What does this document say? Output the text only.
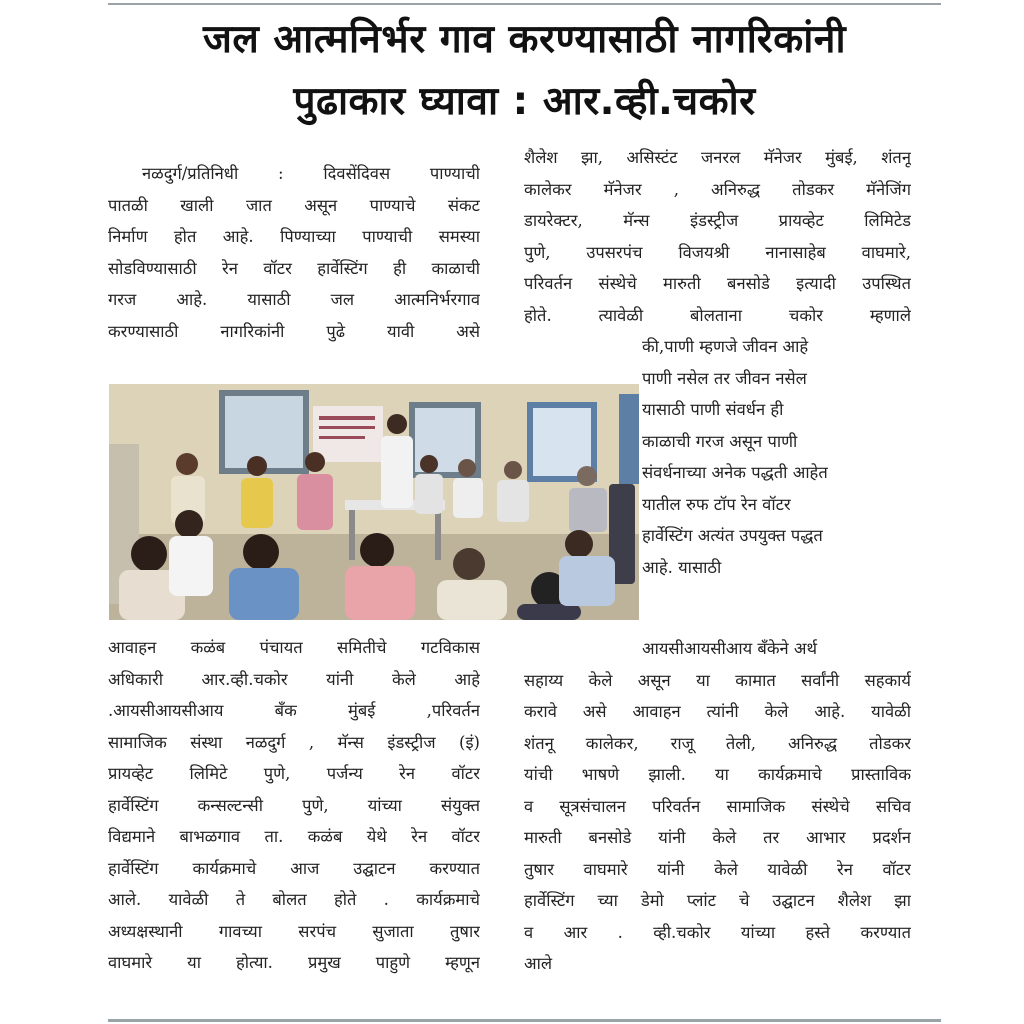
जल आत्मनिर्भर गाव करण्यासाठी नागरिकांनी
पुढाकार घ्यावा : आर.व्ही.चकोर
नळदुर्ग/प्रतिनिधी : दिवसेंदिवस पाण्याची
पातळी खाली जात असून पाण्याचे संकट
निर्माण होत आहे. पिण्याच्या पाण्याची समस्या
सोडविण्यासाठी रेन वॉटर हार्वेस्टिंग ही काळाची
गरज आहे. यासाठी जल आत्मनिर्भरगाव
करण्यासाठी नागरिकांनी पुढे यावी असे
शैलेश झा, असिस्टंट जनरल मॅनेजर मुंबई, शंतनू
कालेकर मॅनेजर , अनिरुद्ध तोडकर मॅनेजिंग
डायरेक्टर, मॅन्स इंडस्ट्रीज प्रायव्हेट लिमिटेड
पुणे, उपसरपंच विजयश्री नानासाहेब वाघमारे,
परिवर्तन संस्थेचे मारुती बनसोडे इत्यादी उपस्थित
होते. त्यावेळी बोलताना चकोर म्हणाले
की,पाणी म्हणजे जीवन आहे
पाणी नसेल तर जीवन नसेल
यासाठी पाणी संवर्धन ही
काळाची गरज असून पाणी
संवर्धनाच्या अनेक पद्धती आहेत
यातील रुफ टॉप रेन वॉटर
हार्वेस्टिंग अत्यंत उपयुक्त पद्धत
आहे. यासाठी
आवाहन कळंब पंचायत समितीचे गटविकास
अधिकारी आर.व्ही.चकोर यांनी केले आहे
.आयसीआयसीआय बँक मुंबई ,परिवर्तन
सामाजिक संस्था नळदुर्ग , मॅन्स इंडस्ट्रीज (इं)
प्रायव्हेट लिमिटे पुणे, पर्जन्य रेन वॉटर
हार्वेस्टिंग कन्सल्टन्सी पुणे, यांच्या संयुक्त
विद्यमाने बाभळगाव ता. कळंब येथे रेन वॉटर
हार्वेस्टिंग कार्यक्रमाचे आज उद्घाटन करण्यात
आले. यावेळी ते बोलत होते . कार्यक्रमाचे
अध्यक्षस्थानी गावच्या सरपंच सुजाता तुषार
वाघमारे या होत्या. प्रमुख पाहुणे म्हणून
आयसीआयसीआय बँकेने अर्थ
सहाय्य केले असून या कामात सर्वांनी सहकार्य
करावे असे आवाहन त्यांनी केले आहे. यावेळी
शंतनू कालेकर, राजू तेली, अनिरुद्ध तोडकर
यांची भाषणे झाली. या कार्यक्रमाचे प्रास्ताविक
व सूत्रसंचालन परिवर्तन सामाजिक संस्थेचे सचिव
मारुती बनसोडे यांनी केले तर आभार प्रदर्शन
तुषार वाघमारे यांनी केले यावेळी रेन वॉटर
हार्वेस्टिंग च्या डेमो प्लांट चे उद्घाटन शैलेश झा
व आर . व्ही.चकोर यांच्या हस्ते करण्यात
आले
